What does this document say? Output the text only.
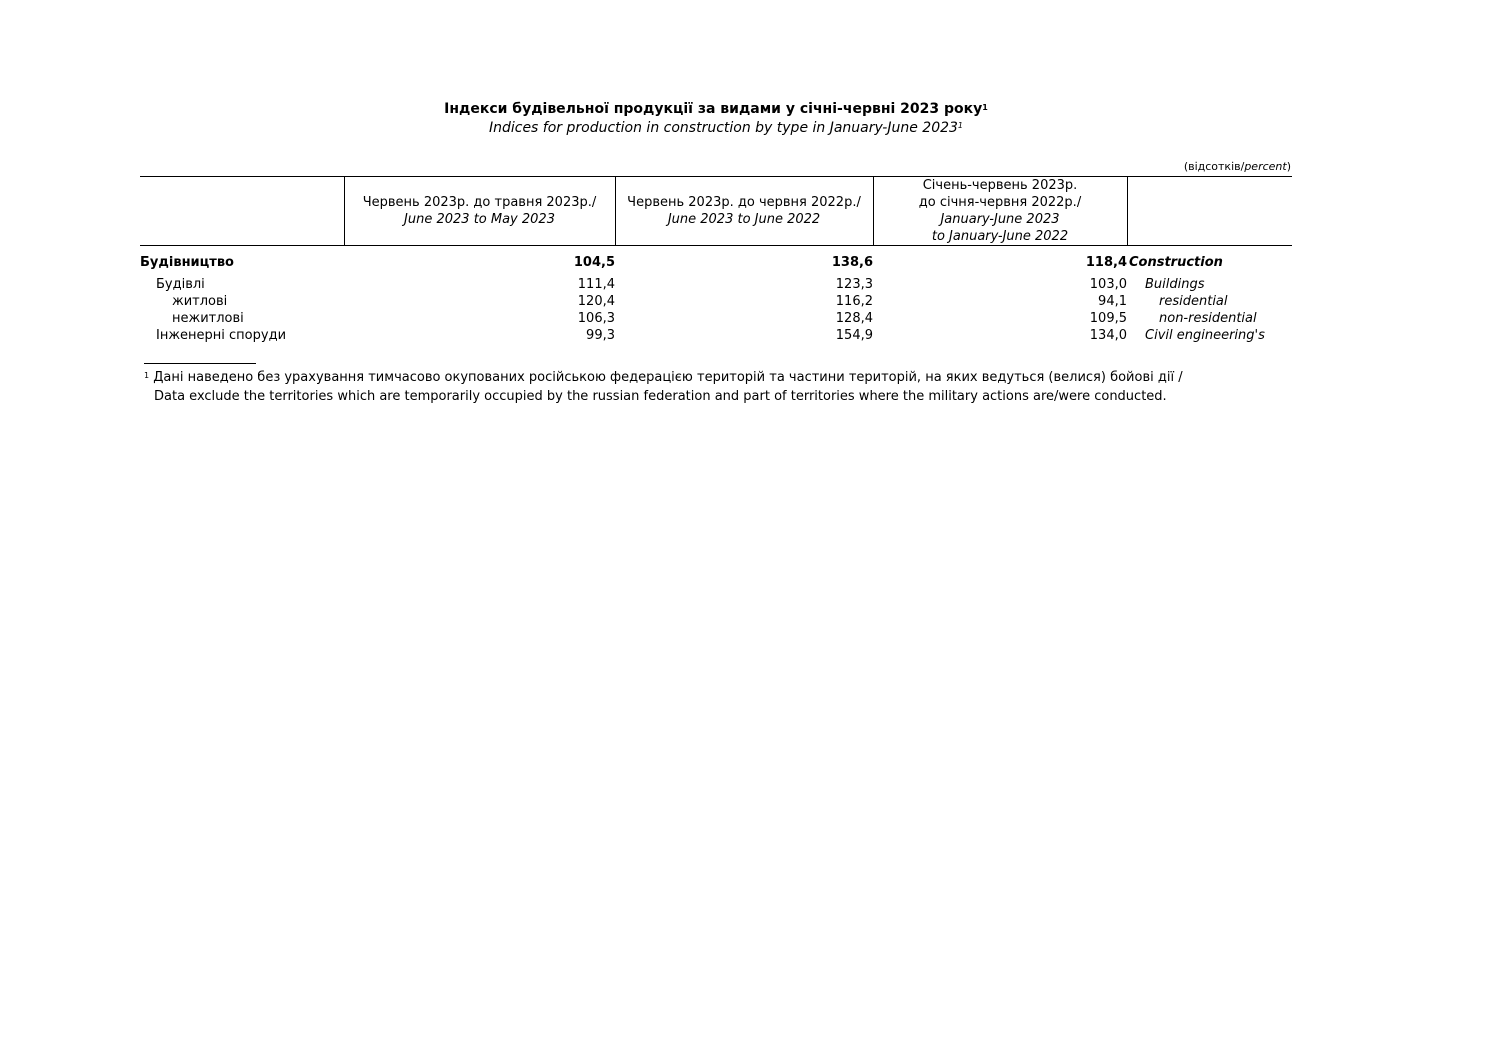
Індекси будівельної продукції за видами у січні-червні 2023 року$^1$
Indices for production in construction by type in January-June 2023$^1$
(відсотків/percent)

	Червень 2023р. до травня 2023р./
June 2023 to May 2023	Червень 2023р. до червня 2022р./
June 2023 to June 2022	Січень-червень 2023р.
до січня-червня 2022р./
January-June 2023
to January-June 2022	

Будівництво	104,5	138,6	118,4	Construction
Будівлі	111,4	123,3	103,0	Buildings
житлові	120,4	116,2	94,1	residential
нежитлові	106,3	128,4	109,5	non-residential
Інженерні споруди	99,3	154,9	134,0	Civil engineering's
$^1$ Дані наведено без урахування тимчасово окупованих російською федерацією територій та частини територій, на яких ведуться (велися) бойові дії /
Data exclude the territories which are temporarily occupied by the russian federation and part of territories where the military actions are/were conducted.
